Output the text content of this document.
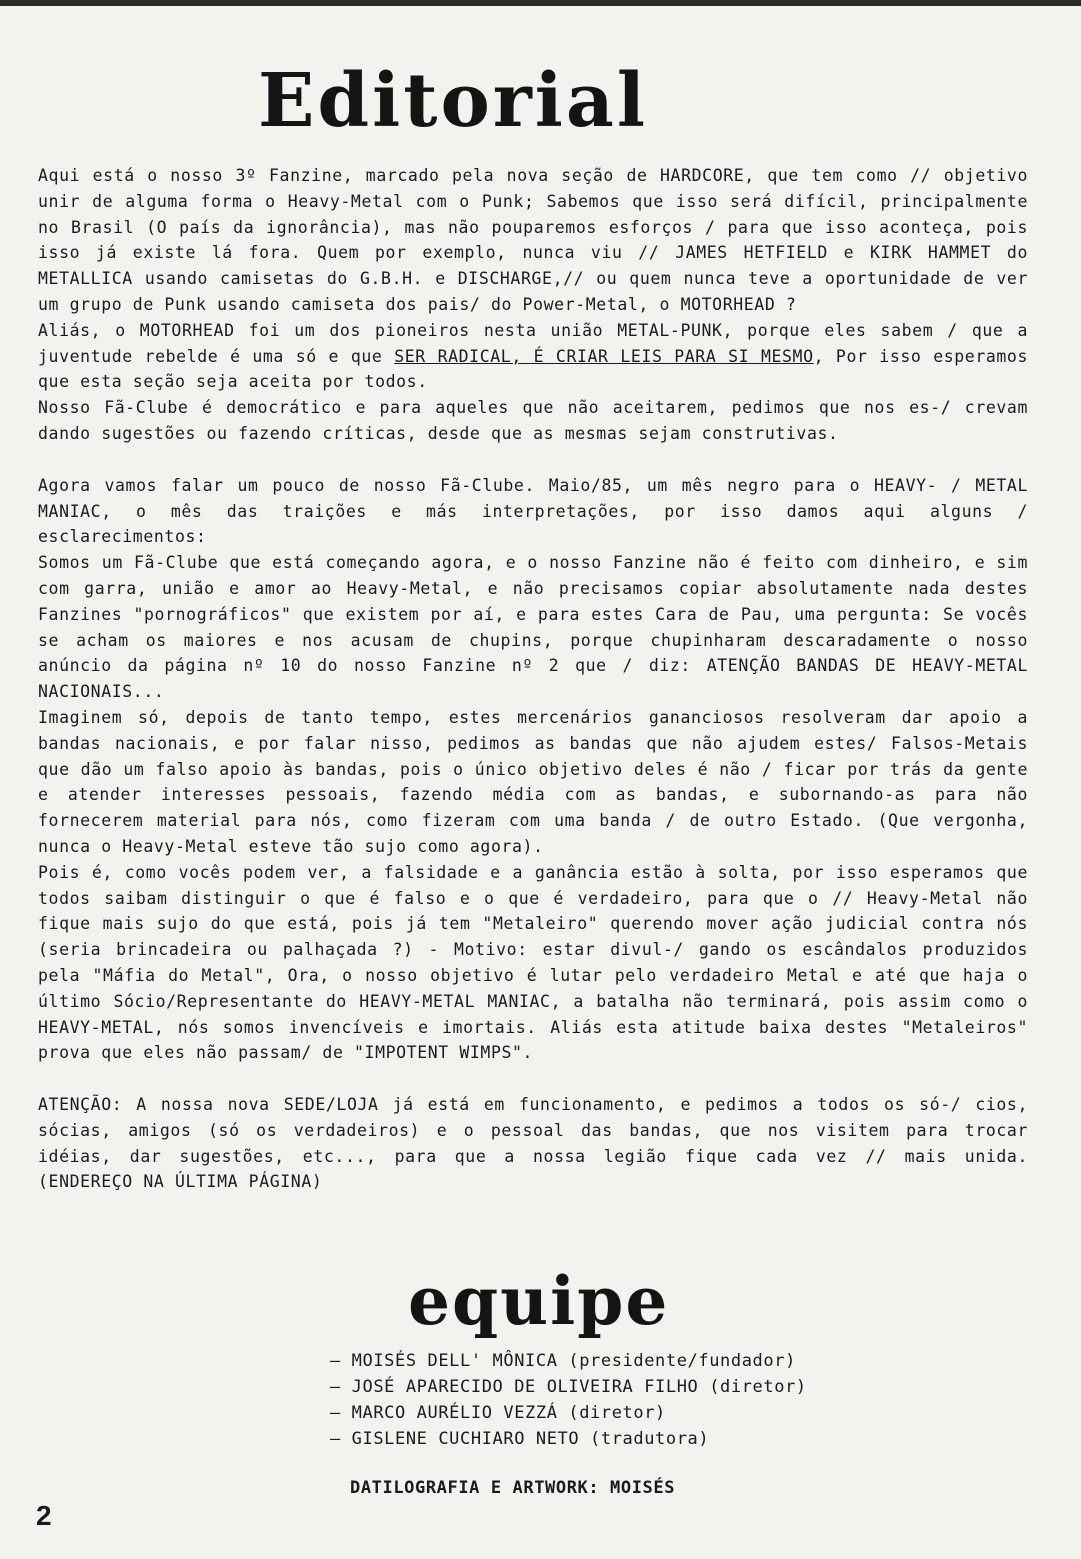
Editorial

Aqui está o nosso 3º Fanzine, marcado pela nova seção de HARDCORE, que tem como // objetivo unir de alguma forma o Heavy-Metal com o Punk; Sabemos que isso será difícil, principalmente no Brasil (O país da ignorância), mas não pouparemos esforços / para que isso aconteça, pois isso já existe lá fora. Quem por exemplo, nunca viu // JAMES HETFIELD e KIRK HAMMET do METALLICA usando camisetas do G.B.H. e DISCHARGE,// ou quem nunca teve a oportunidade de ver um grupo de Punk usando camiseta dos pais/ do Power-Metal, o MOTORHEAD ?

Aliás, o MOTORHEAD foi um dos pioneiros nesta união METAL-PUNK, porque eles sabem / que a juventude rebelde é uma só e que SER RADICAL, É CRIAR LEIS PARA SI MESMO, Por isso esperamos que esta seção seja aceita por todos.

Nosso Fã-Clube é democrático e para aqueles que não aceitarem, pedimos que nos es-/ crevam dando sugestões ou fazendo críticas, desde que as mesmas sejam construtivas.

Agora vamos falar um pouco de nosso Fã-Clube. Maio/85, um mês negro para o HEAVY- / METAL MANIAC, o mês das traições e más interpretações, por isso damos aqui alguns / esclarecimentos:

Somos um Fã-Clube que está começando agora, e o nosso Fanzine não é feito com dinheiro, e sim com garra, união e amor ao Heavy-Metal, e não precisamos copiar absolutamente nada destes Fanzines "pornográficos" que existem por aí, e para estes Cara de Pau, uma pergunta: Se vocês se acham os maiores e nos acusam de chupins, porque chupinharam descaradamente o nosso anúncio da página nº 10 do nosso Fanzine nº 2 que / diz: ATENÇÃO BANDAS DE HEAVY-METAL NACIONAIS...

Imaginem só, depois de tanto tempo, estes mercenários gananciosos resolveram dar apoio a bandas nacionais, e por falar nisso, pedimos as bandas que não ajudem estes/ Falsos-Metais que dão um falso apoio às bandas, pois o único objetivo deles é não / ficar por trás da gente e atender interesses pessoais, fazendo média com as bandas, e subornando-as para não fornecerem material para nós, como fizeram com uma banda / de outro Estado. (Que vergonha, nunca o Heavy-Metal esteve tão sujo como agora).

Pois é, como vocês podem ver, a falsidade e a ganância estão à solta, por isso esperamos que todos saibam distinguir o que é falso e o que é verdadeiro, para que o // Heavy-Metal não fique mais sujo do que está, pois já tem "Metaleiro" querendo mover ação judicial contra nós (seria brincadeira ou palhaçada ?) - Motivo: estar divul-/ gando os escândalos produzidos pela "Máfia do Metal", Ora, o nosso objetivo é lutar pelo verdadeiro Metal e até que haja o último Sócio/Representante do HEAVY-METAL MANIAC, a batalha não terminará, pois assim como o HEAVY-METAL, nós somos invencíveis e imortais. Aliás esta atitude baixa destes "Metaleiros" prova que eles não passam/ de "IMPOTENT WIMPS".

ATENÇÃO: A nossa nova SEDE/LOJA já está em funcionamento, e pedimos a todos os só-/ cios, sócias, amigos (só os verdadeiros) e o pessoal das bandas, que nos visitem para trocar idéias, dar sugestões, etc..., para que a nossa legião fique cada vez // mais unida. (ENDEREÇO NA ÚLTIMA PÁGINA)

equipe
– MOISÉS DELL' MÔNICA (presidente/fundador)
– JOSÉ APARECIDO DE OLIVEIRA FILHO (diretor)
– MARCO AURÉLIO VEZZÁ (diretor)
– GISLENE CUCHIARO NETO (tradutora)
DATILOGRAFIA E ARTWORK: MOISÉS
2
